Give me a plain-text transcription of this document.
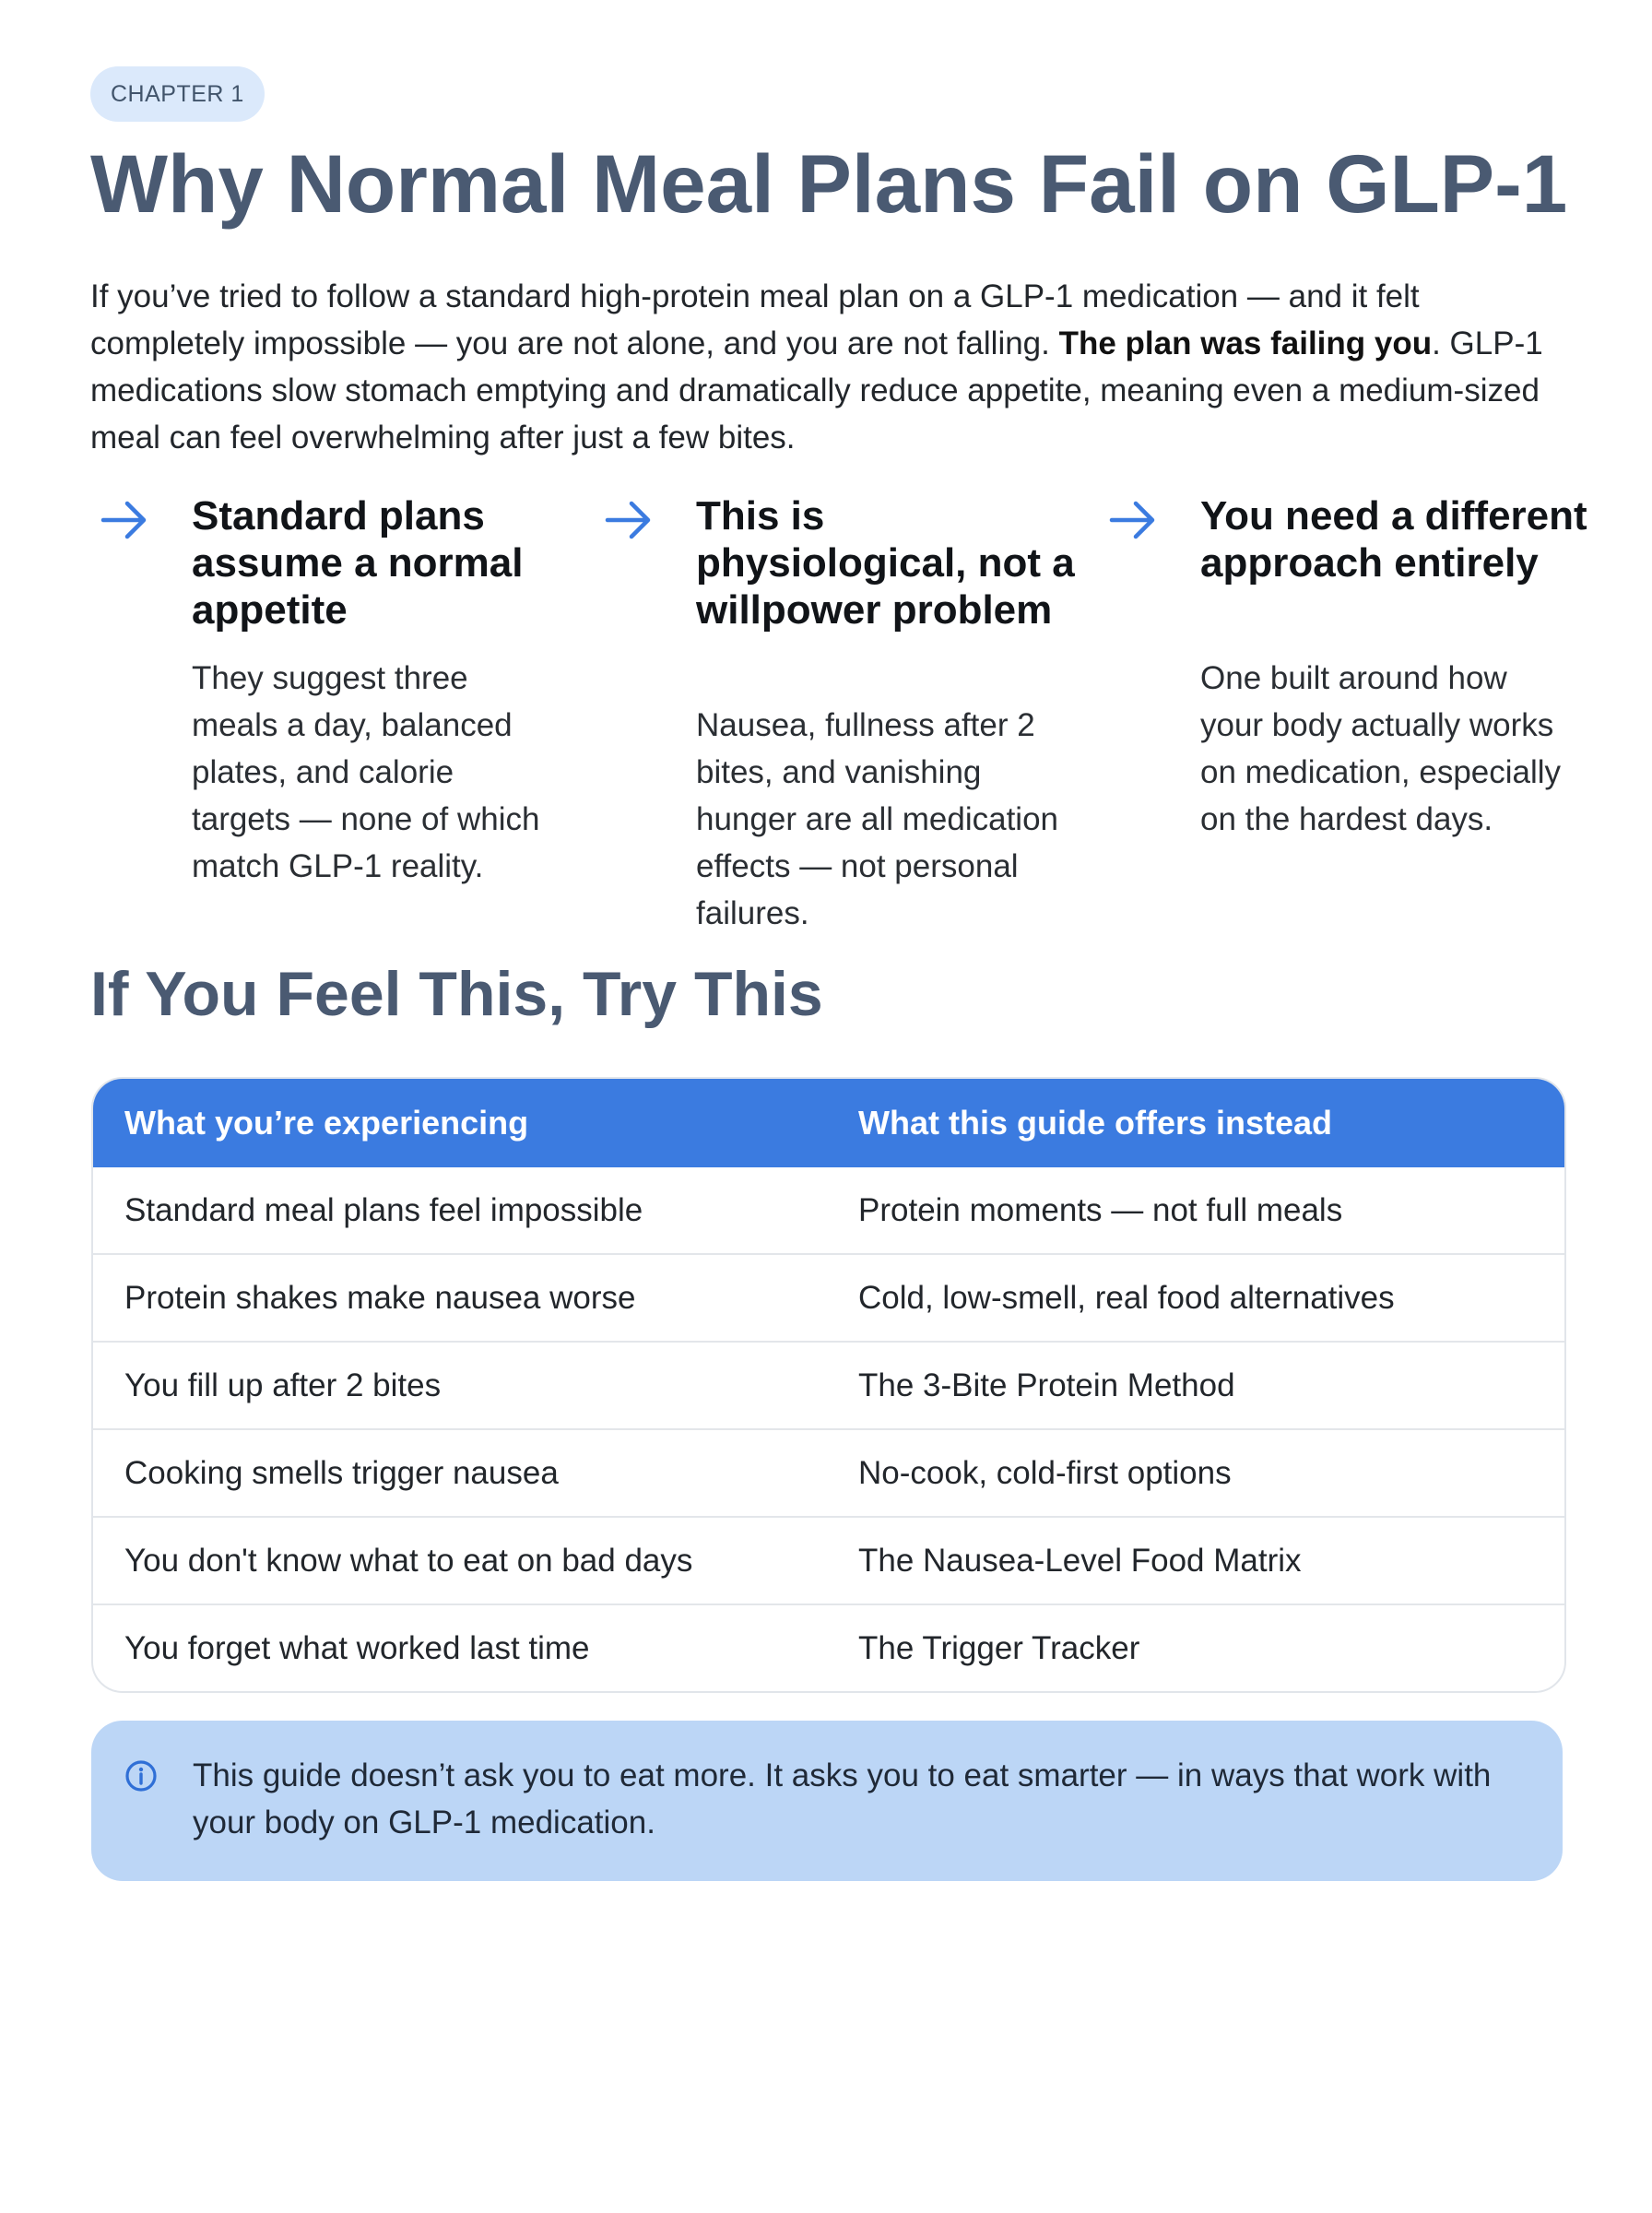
CHAPTER 1
Why Normal Meal Plans Fail on GLP-1

If you’ve tried to follow a standard high-protein meal plan on a GLP-1 medication — and it felt completely impossible — you are not alone, and you are not falling. The plan was failing you. GLP-1 medications slow stomach emptying and dramatically reduce appetite, meaning even a medium-sized meal can feel overwhelming after just a few bites.

Standard plans assume a normal appetite

They suggest three meals a day, balanced plates, and calorie targets — none of which match GLP-1 reality.

This is physiological, not a willpower problem

Nausea, fullness after 2 bites, and vanishing hunger are all medication effects — not personal failures.

You need a different approach entirely

One built around how your body actually works on medication, especially on the hardest days.

If You Feel This, Try This
What you’re experiencing	What this guide offers instead
Standard meal plans feel impossible	Protein moments — not full meals
Protein shakes make nausea worse	Cold, low-smell, real food alternatives
You fill up after 2 bites	The 3-Bite Protein Method
Cooking smells trigger nausea	No-cook, cold-first options
You don't know what to eat on bad days	The Nausea-Level Food Matrix
You forget what worked last time	The Trigger Tracker

This guide doesn’t ask you to eat more. It asks you to eat smarter — in ways that work with your body on GLP-1 medication.
